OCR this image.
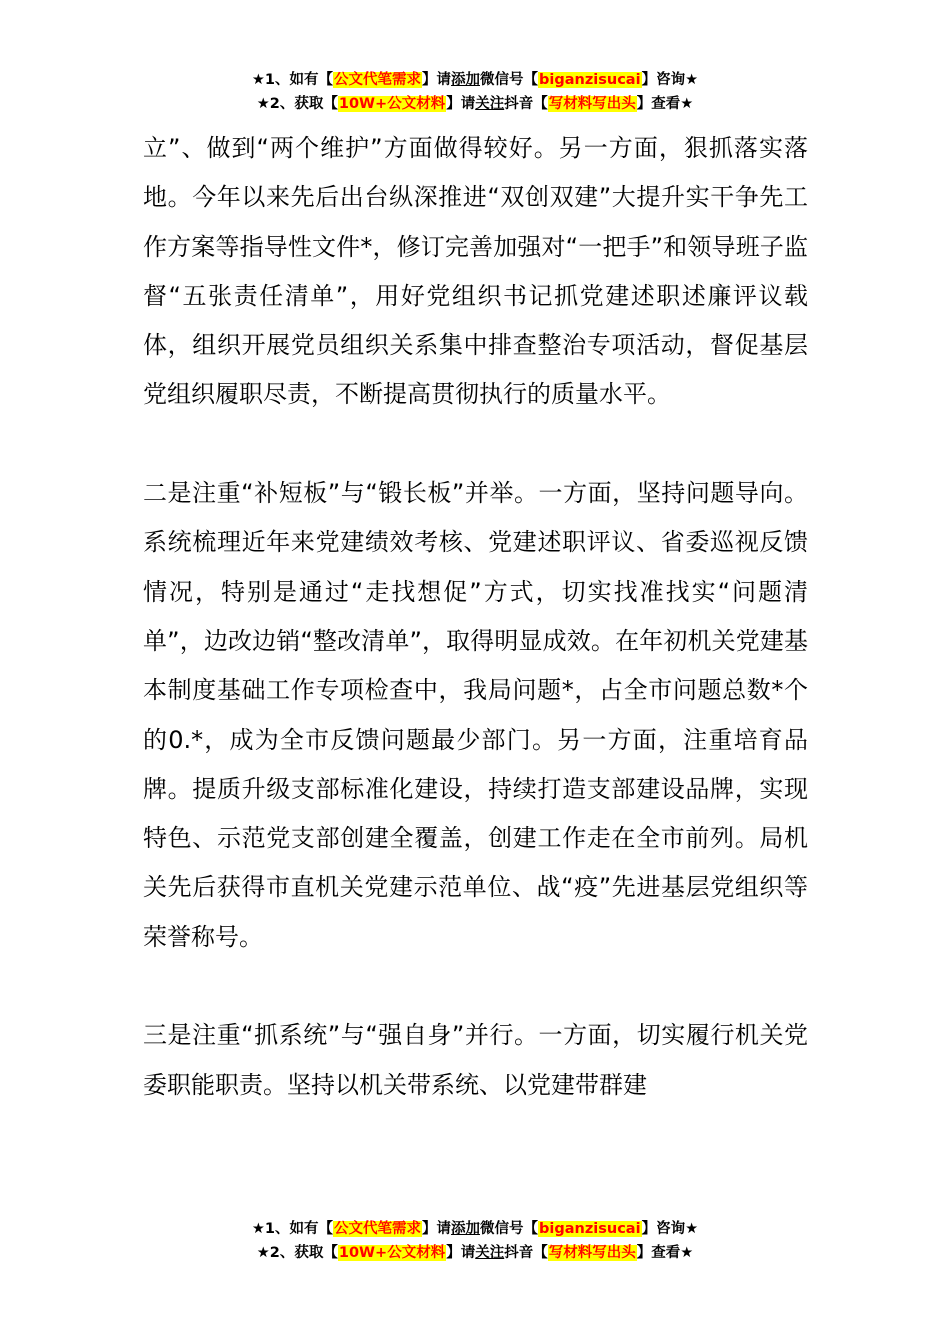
★1、如有【公文代笔需求】请添加微信号【biganzisucai】咨询★
★2、获取【10W+公文材料】请关注抖音【写材料写出头】查看★

立”、做到“两个维护”方面做得较好。另一方面，狠抓落实落地。今年以来先后出台纵深推进“双创双建”大提升实干争先工作方案等指导性文件*，修订完善加强对“一把手”和领导班子监督“五张责任清单”，用好党组织书记抓党建述职述廉评议载体，组织开展党员组织关系集中排查整治专项活动，督促基层党组织履职尽责，不断提高贯彻执行的质量水平。

二是注重“补短板”与“锻长板”并举。一方面，坚持问题导向。系统梳理近年来党建绩效考核、党建述职评议、省委巡视反馈情况，特别是通过“走找想促”方式，切实找准找实“问题清单”，边改边销“整改清单”，取得明显成效。在年初机关党建基本制度基础工作专项检查中，我局问题*，占全市问题总数*个的0.*，成为全市反馈问题最少部门。另一方面，注重培育品牌。提质升级支部标准化建设，持续打造支部建设品牌，实现特色、示范党支部创建全覆盖，创建工作走在全市前列。局机关先后获得市直机关党建示范单位、战“疫”先进基层党组织等荣誉称号。

三是注重“抓系统”与“强自身”并行。一方面，切实履行机关党委职能职责。坚持以机关带系统、以党建带群建

★1、如有【公文代笔需求】请添加微信号【biganzisucai】咨询★
★2、获取【10W+公文材料】请关注抖音【写材料写出头】查看★
